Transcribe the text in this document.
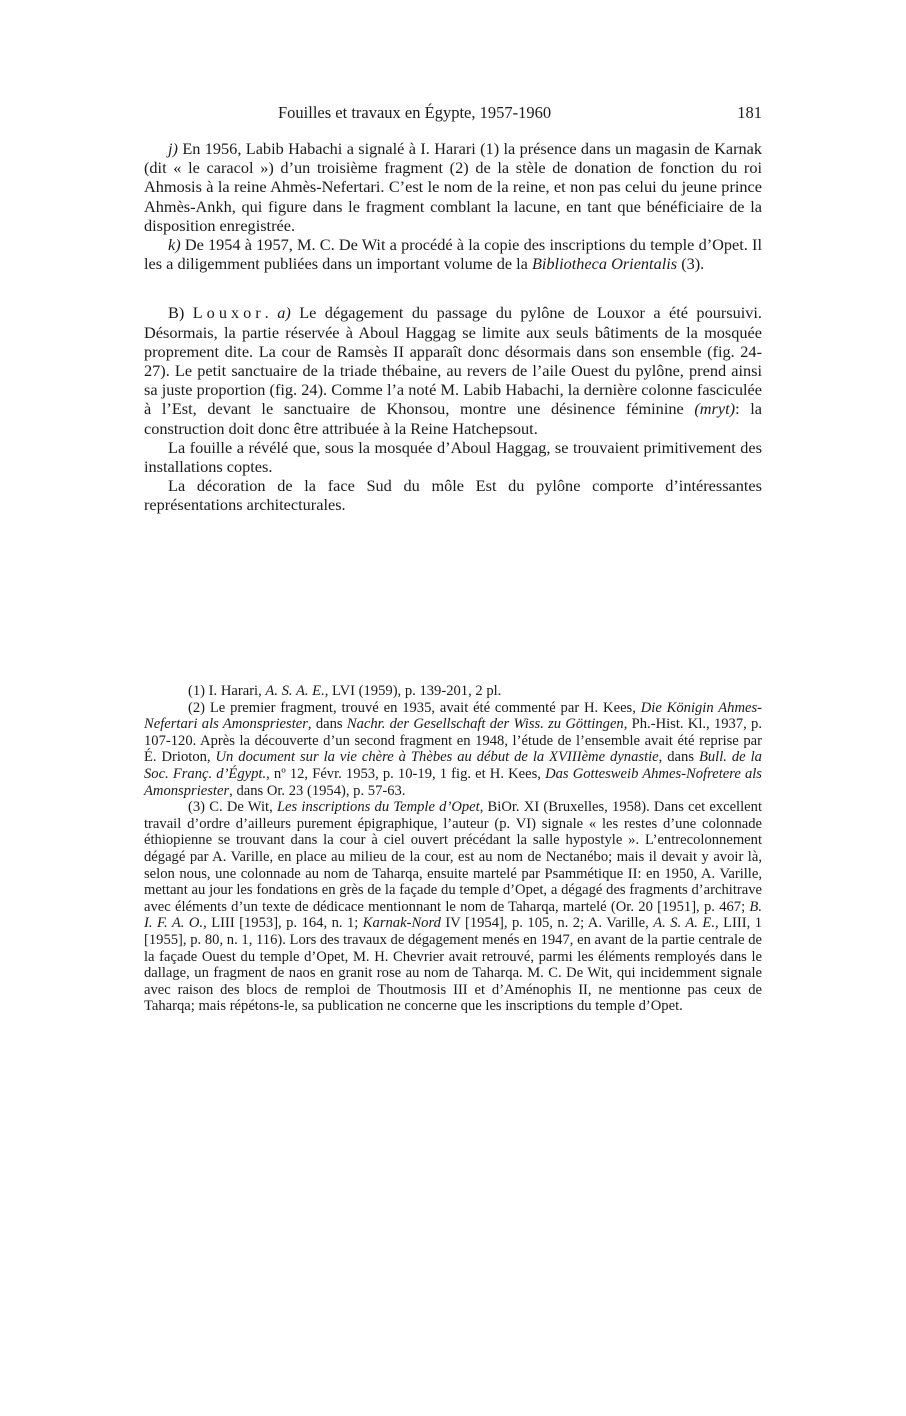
Fouilles et travaux en Égypte, 1957-1960	181

j) En 1956, Labib Habachi a signalé à I. Harari (1) la présence dans un magasin de Karnak (dit « le caracol ») d’un troisième fragment (2) de la stèle de donation de fonction du roi Ahmosis à la reine Ahmès-Nefertari. C’est le nom de la reine, et non pas celui du jeune prince Ahmès-Ankh, qui figure dans le fragment comblant la lacune, en tant que bénéficiaire de la disposition enregistrée.

k) De 1954 à 1957, M. C. De Wit a procédé à la copie des inscriptions du temple d’Opet. Il les a diligemment publiées dans un important volume de la Bibliotheca Orientalis (3).

B) Louxor. a) Le dégagement du passage du pylône de Louxor a été poursuivi. Désormais, la partie réservée à Aboul Haggag se limite aux seuls bâtiments de la mosquée proprement dite. La cour de Ramsès II apparaît donc désormais dans son ensemble (fig. 24-27). Le petit sanctuaire de la triade thébaine, au revers de l’aile Ouest du pylône, prend ainsi sa juste proportion (fig. 24). Comme l’a noté M. Labib Habachi, la dernière colonne fasciculée à l’Est, devant le sanctuaire de Khonsou, montre une désinence féminine (mryt): la construction doit donc être attribuée à la Reine Hatchepsout.

La fouille a révélé que, sous la mosquée d’Aboul Haggag, se trouvaient primitivement des installations coptes.

La décoration de la face Sud du môle Est du pylône comporte d’intéressantes représentations architecturales.

(1) I. Harari, A. S. A. E., LVI (1959), p. 139-201, 2 pl.

(2) Le premier fragment, trouvé en 1935, avait été commenté par H. Kees, Die Königin Ahmes-Nefertari als Amonspriester, dans Nachr. der Gesellschaft der Wiss. zu Göttingen, Ph.-Hist. Kl., 1937, p. 107-120. Après la découverte d’un second fragment en 1948, l’étude de l’ensemble avait été reprise par É. Drioton, Un document sur la vie chère à Thèbes au début de la XVIIIème dynastie, dans Bull. de la Soc. Franç. d’Égypt., nº 12, Févr. 1953, p. 10-19, 1 fig. et H. Kees, Das Gottesweib Ahmes-Nofretere als Amonspriester, dans Or. 23 (1954), p. 57-63.

(3) C. De Wit, Les inscriptions du Temple d’Opet, BiOr. XI (Bruxelles, 1958). Dans cet excellent travail d’ordre d’ailleurs purement épigraphique, l’auteur (p. VI) signale « les restes d’une colonnade éthiopienne se trouvant dans la cour à ciel ouvert précédant la salle hypostyle ». L’entrecolonnement dégagé par A. Varille, en place au milieu de la cour, est au nom de Nectanébo; mais il devait y avoir là, selon nous, une colonnade au nom de Taharqa, ensuite martelé par Psammétique II: en 1950, A. Varille, mettant au jour les fondations en grès de la façade du temple d’Opet, a dégagé des fragments d’architrave avec éléments d’un texte de dédicace mentionnant le nom de Taharqa, martelé (Or. 20 [1951], p. 467; B. I. F. A. O., LIII [1953], p. 164, n. 1; Karnak-Nord IV [1954], p. 105, n. 2; A. Varille, A. S. A. E., LIII, 1 [1955], p. 80, n. 1, 116). Lors des travaux de dégagement menés en 1947, en avant de la partie centrale de la façade Ouest du temple d’Opet, M. H. Chevrier avait retrouvé, parmi les éléments remployés dans le dallage, un fragment de naos en granit rose au nom de Taharqa. M. C. De Wit, qui incidemment signale avec raison des blocs de remploi de Thoutmosis III et d’Aménophis II, ne mentionne pas ceux de Taharqa; mais répétons-le, sa publication ne concerne que les inscriptions du temple d’Opet.
